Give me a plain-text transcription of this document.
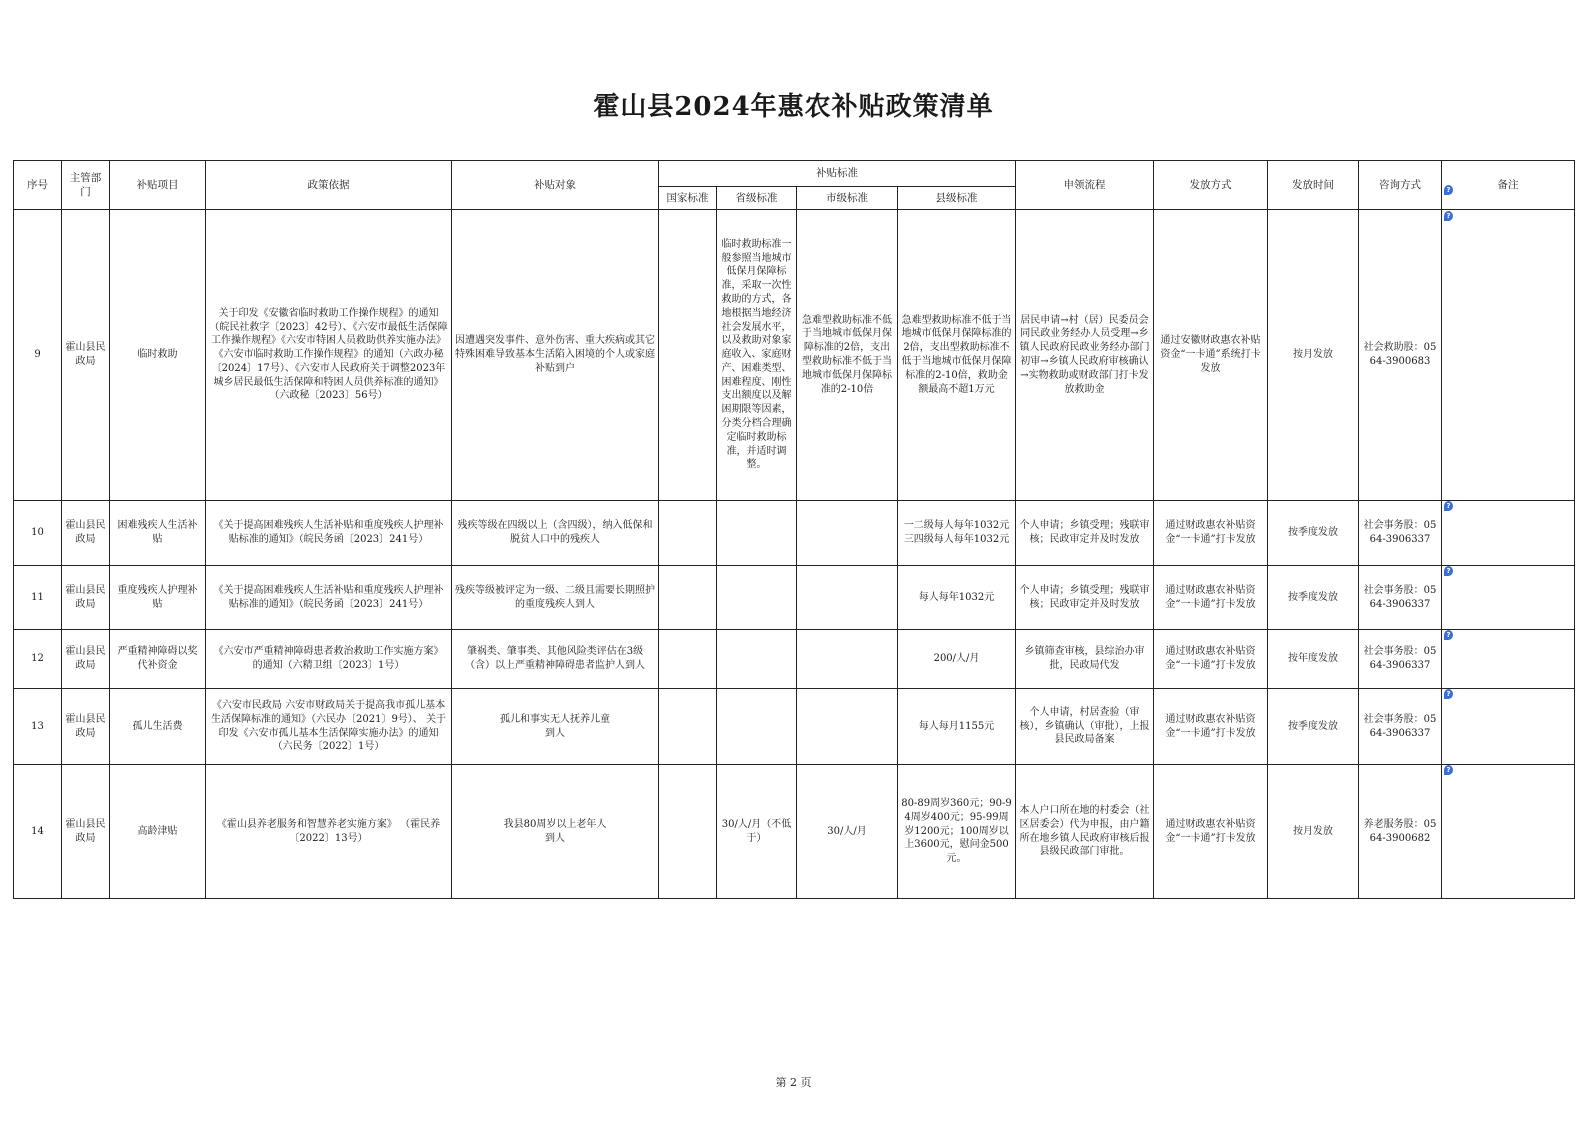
霍山县2024年惠农补贴政策清单
序号	主管部门	补贴项目	政策依据	补贴对象	补贴标准				申领流程	发放方式	发放时间	咨询方式	备注
					国家标准	省级标准	市级标准	县级标准					
9	霍山县民政局	临时救助	关于印发《安徽省临时救助工作操作规程》的通知（皖民社救字〔2023〕42号）、《六安市最低生活保障工作操作规程》《六安市特困人员救助供养实施办法》《六安市临时救助工作操作规程》的通知（六政办秘〔2024〕17号）、《六安市人民政府关于调整2023年城乡居民最低生活保障和特困人员供养标准的通知》（六政秘〔2023〕56号）	因遭遇突发事件、意外伤害、重大疾病或其它特殊困难导致基本生活陷入困境的个人或家庭
补贴到户		临时救助标准一般参照当地城市低保月保障标准，采取一次性救助的方式，各地根据当地经济社会发展水平，以及救助对象家庭收入、家庭财产、困难类型、困难程度、刚性支出额度以及解困期限等因素，分类分档合理确定临时救助标准，并适时调整。	急难型救助标准不低于当地城市低保月保障标准的2倍，支出型救助标准不低于当地城市低保月保障标准的2-10倍	急难型救助标准不低于当地城市低保月保障标准的2倍，支出型救助标准不低于当地城市低保月保障标准的2-10倍，救助金额最高不超1万元	居民申请→村（居）民委员会同民政业务经办人员受理→乡镇人民政府民政业务经办部门初审→乡镇人民政府审核确认→实物救助或财政部门打卡发放救助金	通过安徽财政惠农补贴资金“一卡通”系统打卡发放	按月发放	社会救助股：0564-3900683	
10	霍山县民政局	困难残疾人生活补贴	《关于提高困难残疾人生活补贴和重度残疾人护理补贴标准的通知》（皖民务函〔2023〕241号）	残疾等级在四级以上（含四级），纳入低保和脱贫人口中的残疾人				一二级每人每年1032元
三四级每人每年1032元	个人申请；乡镇受理；残联审核；民政审定并及时发放	通过财政惠农补贴资金“一卡通”打卡发放	按季度发放	社会事务股：0564-3906337	
11	霍山县民政局	重度残疾人护理补贴	《关于提高困难残疾人生活补贴和重度残疾人护理补贴标准的通知》（皖民务函〔2023〕241号）	残疾等级被评定为一级、二级且需要长期照护的重度残疾人到人				每人每年1032元	个人申请；乡镇受理；残联审核；民政审定并及时发放	通过财政惠农补贴资金“一卡通”打卡发放	按季度发放	社会事务股：0564-3906337	
12	霍山县民政局	严重精神障碍以奖代补资金	《六安市严重精神障碍患者救治救助工作实施方案》的通知（六精卫组〔2023〕1号）	肇祸类、肇事类、其他风险类评估在3级（含）以上严重精神障碍患者监护人到人				200/人/月	乡镇筛查审核，县综治办审批，民政局代发	通过财政惠农补贴资金“一卡通”打卡发放	按年度发放	社会事务股：0564-3906337	
13	霍山县民政局	孤儿生活费	《六安市民政局 六安市财政局关于提高我市孤儿基本生活保障标准的通知》（六民办〔2021〕9号）、 关于印发《六安市孤儿基本生活保障实施办法》的通知（六民务〔2022〕1号）	孤儿和事实无人抚养儿童
到人				每人每月1155元	个人申请，村居查验（审核），乡镇确认（审批），上报县民政局备案	通过财政惠农补贴资金“一卡通”打卡发放	按季度发放	社会事务股：0564-3906337	
14	霍山县民政局	高龄津贴	《霍山县养老服务和智慧养老实施方案》 （霍民养〔2022〕13号）	我县80周岁以上老年人
到人		30/人/月（不低于）	30/人/月	80-89周岁360元；90-94周岁400元；95-99周岁1200元；100周岁以上3600元，慰问金500元。	本人户口所在地的村委会（社区居委会）代为申报，由户籍所在地乡镇人民政府审核后报县级民政部门审批。	通过财政惠农补贴资金“一卡通”打卡发放	按月发放	养老服务股：0564-3900682	
?
?
?
?
?
?
?
第 2 页
